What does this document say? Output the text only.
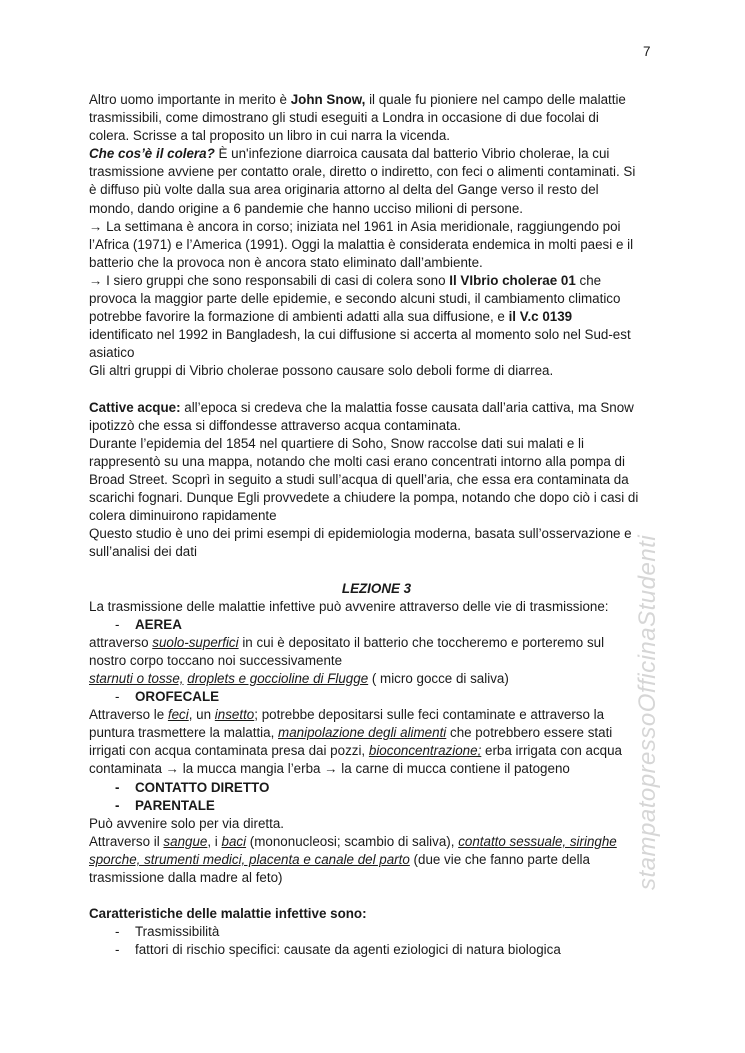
7
Altro uomo importante in merito è John Snow, il quale fu pioniere nel campo delle malattie
trasmissibili, come dimostrano gli studi eseguiti a Londra in occasione di due focolai di
colera. Scrisse a tal proposito un libro in cui narra la vicenda.
Che cos’è il colera? È un'infezione diarroica causata dal batterio Vibrio cholerae, la cui
trasmissione avviene per contatto orale, diretto o indiretto, con feci o alimenti contaminati. Si
è diffuso più volte dalla sua area originaria attorno al delta del Gange verso il resto del
mondo, dando origine a 6 pandemie che hanno ucciso milioni di persone.
→ La settimana è ancora in corso; iniziata nel 1961 in Asia meridionale, raggiungendo poi
l’Africa (1971) e l’America (1991). Oggi la malattia è considerata endemica in molti paesi e il
batterio che la provoca non è ancora stato eliminato dall’ambiente.
→ I siero gruppi che sono responsabili di casi di colera sono Il VIbrio cholerae 01 che
provoca la maggior parte delle epidemie, e secondo alcuni studi, il cambiamento climatico
potrebbe favorire la formazione di ambienti adatti alla sua diffusione, e il V.c 0139
identificato nel 1992 in Bangladesh, la cui diffusione si accerta al momento solo nel Sud-est
asiatico
Gli altri gruppi di Vibrio cholerae possono causare solo deboli forme di diarrea.
Cattive acque: all’epoca si credeva che la malattia fosse causata dall’aria cattiva, ma Snow
ipotizzò che essa si diffondesse attraverso acqua contaminata.
Durante l’epidemia del 1854 nel quartiere di Soho, Snow raccolse dati sui malati e li
rappresentò su una mappa, notando che molti casi erano concentrati intorno alla pompa di
Broad Street. Scoprì in seguito a studi sull’acqua di quell’aria, che essa era contaminata da
scarichi fognari. Dunque Egli provvedete a chiudere la pompa, notando che dopo ciò i casi di
colera diminuirono rapidamente
Questo studio è uno dei primi esempi di epidemiologia moderna, basata sull’osservazione e
sull’analisi dei dati
LEZIONE 3
La trasmissione delle malattie infettive può avvenire attraverso delle vie di trasmissione:
- AEREA
attraverso suolo-superfici in cui è depositato il batterio che toccheremo e porteremo sul
nostro corpo toccano noi successivamente
starnuti o tosse, droplets e goccioline di Flugge ( micro gocce di saliva)
- OROFECALE
Attraverso le feci, un insetto; potrebbe depositarsi sulle feci contaminate e attraverso la
puntura trasmettere la malattia, manipolazione degli alimenti che potrebbero essere stati
irrigati con acqua contaminata presa dai pozzi, bioconcentrazione; erba irrigata con acqua
contaminata → la mucca mangia l’erba → la carne di mucca contiene il patogeno
- CONTATTO DIRETTO
- PARENTALE
Può avvenire solo per via diretta.
Attraverso il sangue, i baci (mononucleosi; scambio di saliva), contatto sessuale, siringhe
sporche, strumenti medici, placenta e canale del parto (due vie che fanno parte della
trasmissione dalla madre al feto)
Caratteristiche delle malattie infettive sono:
- Trasmissibilità
- fattori di rischio specifici: causate da agenti eziologici di natura biologica
stampatopressoOfficinaStudenti
